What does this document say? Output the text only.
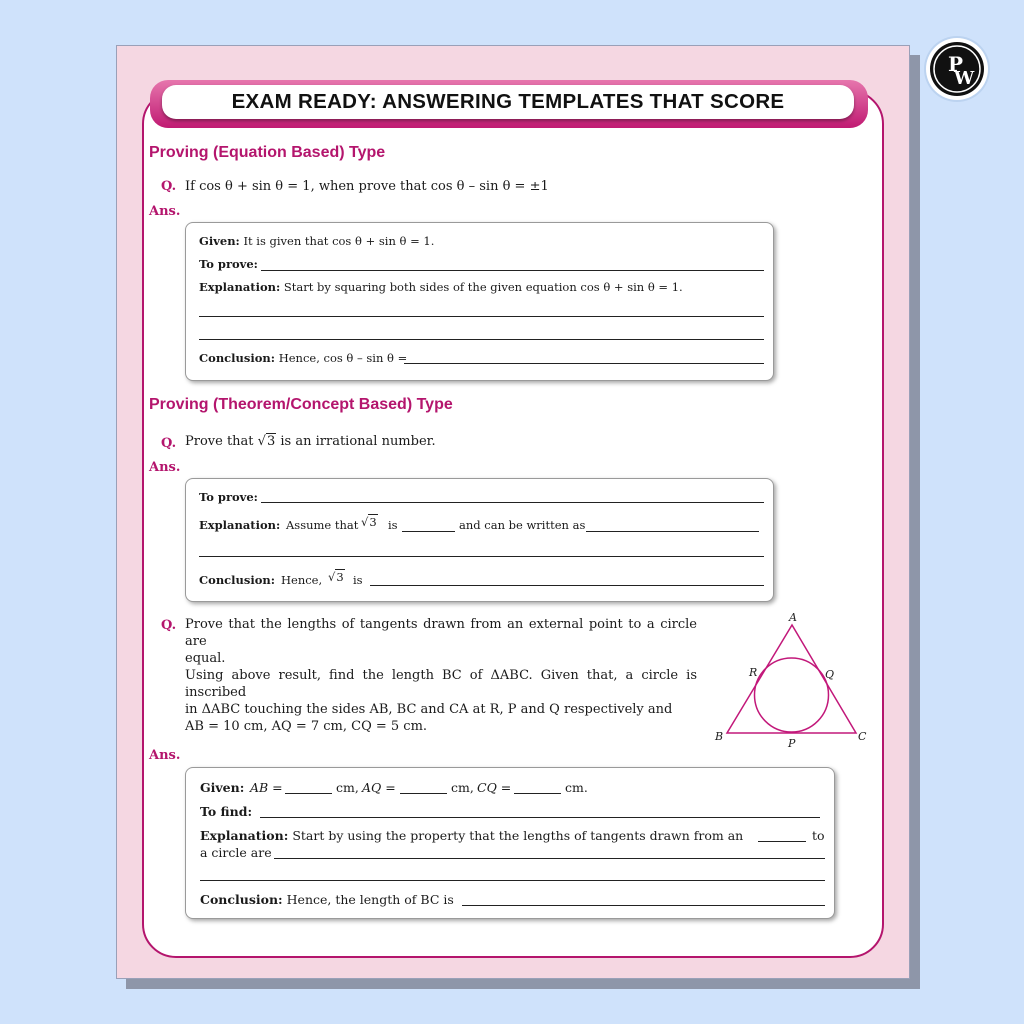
P
W
EXAM READY: ANSWERING TEMPLATES THAT SCORE
Proving (Equation Based) Type
Q. If cos θ + sin θ = 1, when prove that cos θ – sin θ = ±1
Ans.
Given: It is given that cos θ + sin θ = 1.
To prove:
Explanation: Start by squaring both sides of the given equation cos θ + sin θ = 1.
Conclusion: Hence, cos θ – sin θ =
Proving (Theorem/Concept Based) Type
Q. Prove that √3 is an irrational number.
Ans.
To prove:
Explanation: Assume that √3 is	and can be written as
Conclusion: Hence, √3 is
Q. Prove that the lengths of tangents drawn from an external point to a circle are
equal.
Using above result, find the length BC of ΔABC. Given that, a circle is inscribed
in ΔABC touching the sides AB, BC and CA at R, P and Q respectively and
AB = 10 cm, AQ = 7 cm, CQ = 5 cm.
A
B	C
P
Q
R
Ans.
Given: AB =	cm, AQ =	cm, CQ =	cm.
To find:
Explanation: Start by using the property that the lengths of tangents drawn from an	to
a circle are
Conclusion: Hence, the length of BC is
